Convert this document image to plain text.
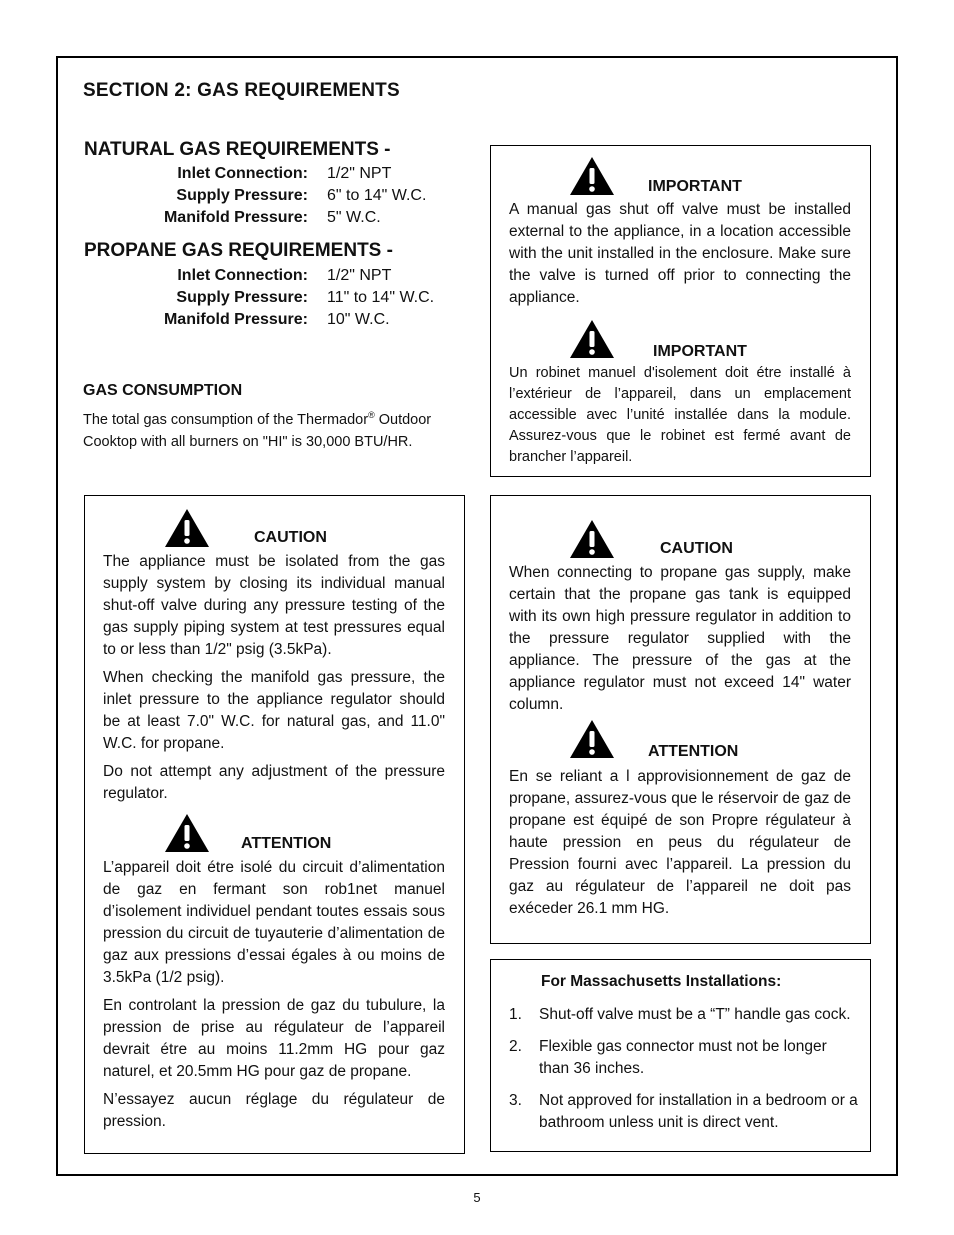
SECTION 2: GAS REQUIREMENTS
NATURAL GAS REQUIREMENTS -
Inlet Connection: 1/2" NPT
Supply Pressure: 6" to 14" W.C.
Manifold Pressure: 5" W.C.
PROPANE GAS REQUIREMENTS -
Inlet Connection: 1/2" NPT
Supply Pressure: 11" to 14" W.C.
Manifold Pressure: 10" W.C.
GAS CONSUMPTION
The total gas consumption of the Thermador® Outdoor Cooktop with all burners on "HI" is 30,000 BTU/HR.
IMPORTANT
A manual gas shut off valve must be installed external to the appliance, in a location accessible with the unit installed in the enclosure. Make sure the valve is turned off prior to connecting the appliance.
IMPORTANT
Un robinet manuel d'isolement doit étre installé à l’extérieur de l’appareil, dans un emplacement accessible avec l’unité installée dans la module. Assurez-vous que le robinet est fermé avant de brancher l’appareil.
CAUTION

The appliance must be isolated from the gas supply system by closing its individual manual shut-off valve during any pressure testing of the gas supply piping system at test pressures equal to or less than 1/2" psig (3.5kPa).

When checking the manifold gas pressure, the inlet pressure to the appliance regulator should be at least 7.0" W.C. for natural gas, and 11.0" W.C. for propane.

Do not attempt any adjustment of the pressure regulator.

ATTENTION

L’appareil doit étre isolé du circuit d’alimentation de gaz en fermant son rob1net manuel d’isolement individuel pendant toutes essais sous pression du circuit de tuyauterie d’alimentation de gaz aux pressions d’essai égales à ou moins de 3.5kPa (1/2 psig).

En controlant la pression de gaz du tubulure, la pression de prise au régulateur de l’appareil devrait étre au moins 11.2mm HG pour gaz naturel, et 20.5mm HG pour gaz de propane.

N’essayez aucun réglage du régulateur de pression.

CAUTION
When connecting to propane gas supply, make certain that the propane gas tank is equipped with its own high pressure regulator in addition to the pressure regulator supplied with the appliance. The pressure of the gas at the appliance regulator must not exceed 14" water column.
ATTENTION
En se reliant a l approvisionnement de gaz de propane, assurez-vous que le réservoir de gaz de propane est équipé de son Propre régulateur à haute pression en peus du régulateur de Pression fourni avec l’appareil. La pression du gaz au régulateur de l’appareil ne doit pas exéceder 26.1 mm HG.
For Massachusetts Installations:
1. Shut-off valve must be a “T” handle gas cock.
2. Flexible gas connector must not be longer than 36 inches.
3. Not approved for installation in a bedroom or a bathroom unless unit is direct vent.
5
